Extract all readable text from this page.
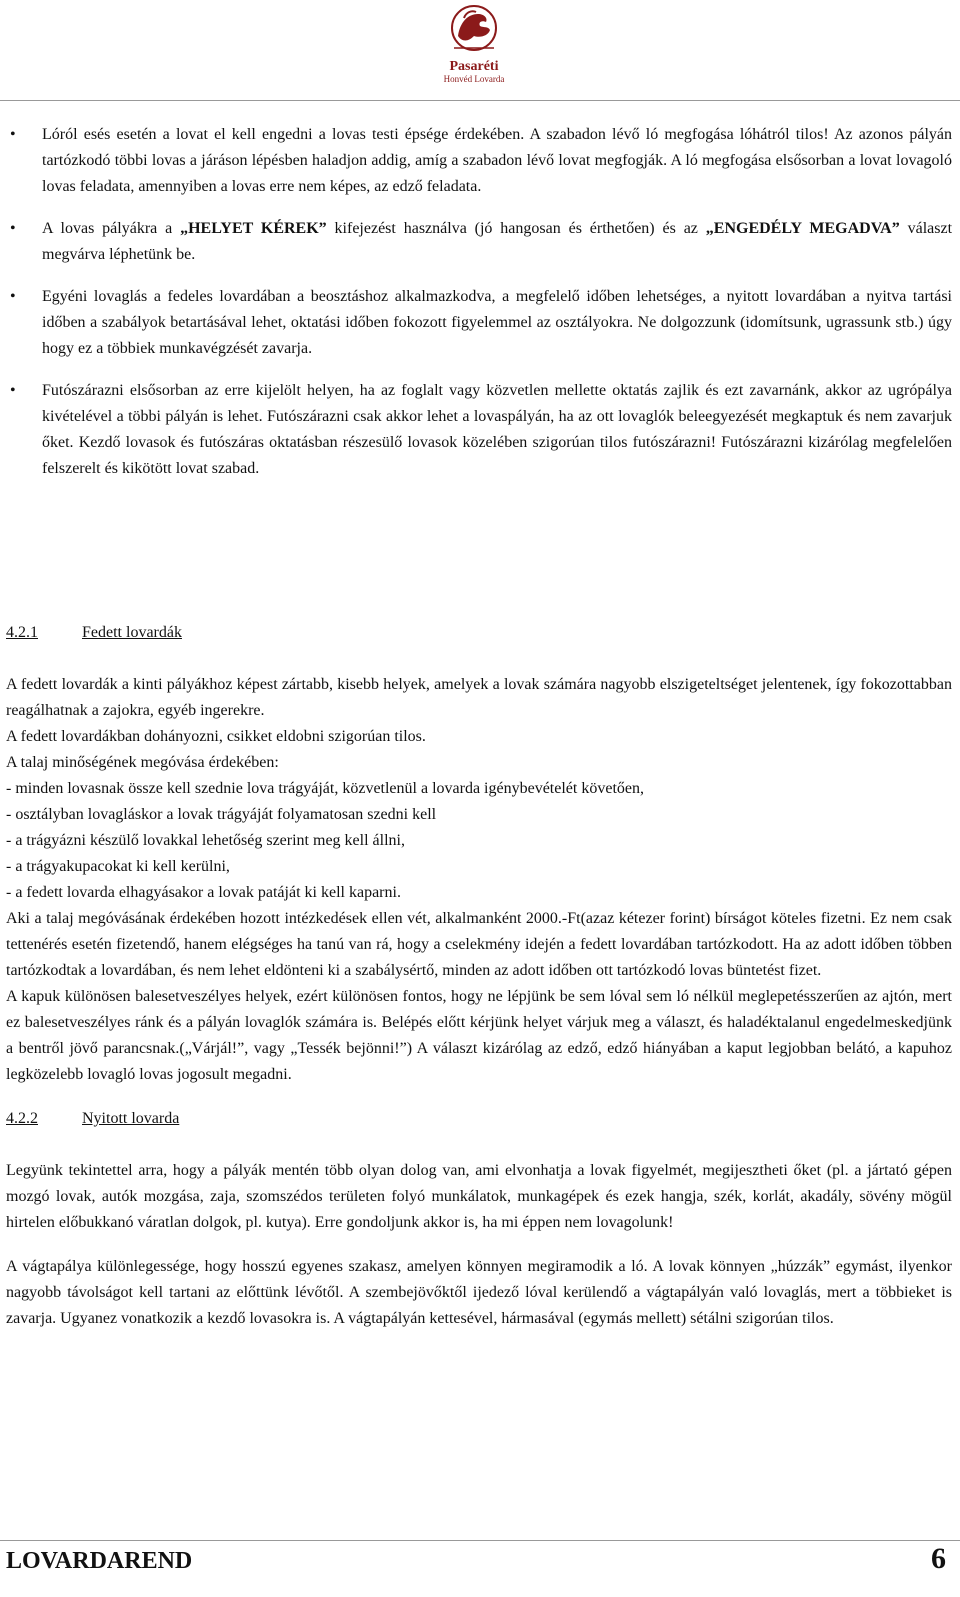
Pasaréti
Honvéd Lovarda
• Lóról esés esetén a lovat el kell engedni a lovas testi épsége érdekében. A szabadon lévő ló megfogása lóhátról tilos! Az azonos pályán tartózkodó többi lovas a járáson lépésben haladjon addig, amíg a szabadon lévő lovat megfogják. A ló megfogása elsősorban a lovat lovagoló lovas feladata, amennyiben a lovas erre nem képes, az edző feladata.
• A lovas pályákra a „HELYET KÉREK” kifejezést használva (jó hangosan és érthetően) és az „ENGEDÉLY MEGADVA” választ megvárva léphetünk be.
• Egyéni lovaglás a fedeles lovardában a beosztáshoz alkalmazkodva, a megfelelő időben lehetséges, a nyitott lovardában a nyitva tartási időben a szabályok betartásával lehet, oktatási időben fokozott figyelemmel az osztályokra. Ne dolgozzunk (idomítsunk, ugrassunk stb.) úgy hogy ez a többiek munkavégzését zavarja.
• Futószárazni elsősorban az erre kijelölt helyen, ha az foglalt vagy közvetlen mellette oktatás zajlik és ezt zavarnánk, akkor az ugrópálya kivételével a többi pályán is lehet. Futószárazni csak akkor lehet a lovaspályán, ha az ott lovaglók beleegyezését megkaptuk és nem zavarjuk őket. Kezdő lovasok és futószáras oktatásban részesülő lovasok közelében szigorúan tilos futószárazni! Futószárazni kizárólag megfelelően felszerelt és kikötött lovat szabad.

4.2.1	Fedett lovardák

A fedett lovardák a kinti pályákhoz képest zártabb, kisebb helyek, amelyek a lovak számára nagyobb elszigeteltséget jelentenek, így fokozottabban reagálhatnak a zajokra, egyéb ingerekre.

A fedett lovardákban dohányozni, csikket eldobni szigorúan tilos.

A talaj minőségének megóvása érdekében:

- minden lovasnak össze kell szednie lova trágyáját, közvetlenül a lovarda igénybevételét követően,

- osztályban lovagláskor a lovak trágyáját folyamatosan szedni kell

- a trágyázni készülő lovakkal lehetőség szerint meg kell állni,

- a trágyakupacokat ki kell kerülni,

- a fedett lovarda elhagyásakor a lovak patáját ki kell kaparni.

Aki a talaj megóvásának érdekében hozott intézkedések ellen vét, alkalmanként 2000.-Ft(azaz kétezer forint) bírságot köteles fizetni. Ez nem csak tettenérés esetén fizetendő, hanem elégséges ha tanú van rá, hogy a cselekmény idején a fedett lovardában tartózkodott. Ha az adott időben többen tartózkodtak a lovardában, és nem lehet eldönteni ki a szabálysértő, minden az adott időben ott tartózkodó lovas büntetést fizet.

A kapuk különösen balesetveszélyes helyek, ezért különösen fontos, hogy ne lépjünk be sem lóval sem ló nélkül meglepetésszerűen az ajtón, mert ez balesetveszélyes ránk és a pályán lovaglók számára is. Belépés előtt kérjünk helyet várjuk meg a választ, és haladéktalanul engedelmeskedjünk a bentről jövő parancsnak.(„Várjál!”, vagy „Tessék bejönni!”) A választ kizárólag az edző, edző hiányában a kaput legjobban belátó, a kapuhoz legközelebb lovagló lovas jogosult megadni.

4.2.2	Nyitott lovarda

Legyünk tekintettel arra, hogy a pályák mentén több olyan dolog van, ami elvonhatja a lovak figyelmét, megijesztheti őket (pl. a jártató gépen mozgó lovak, autók mozgása, zaja, szomszédos területen folyó munkálatok, munkagépek és ezek hangja, szék, korlát, akadály, sövény mögül hirtelen előbukkanó váratlan dolgok, pl. kutya). Erre gondoljunk akkor is, ha mi éppen nem lovagolunk!

A vágtapálya különlegessége, hogy hosszú egyenes szakasz, amelyen könnyen megiramodik a ló. A lovak könnyen „húzzák” egymást, ilyenkor nagyobb távolságot kell tartani az előttünk lévőtől. A szembejövőktől ijedező lóval kerülendő a vágtapályán való lovaglás, mert a többieket is zavarja. Ugyanez vonatkozik a kezdő lovasokra is. A vágtapályán kettesével, hármasával (egymás mellett) sétálni szigorúan tilos.

LOVARDAREND	6
